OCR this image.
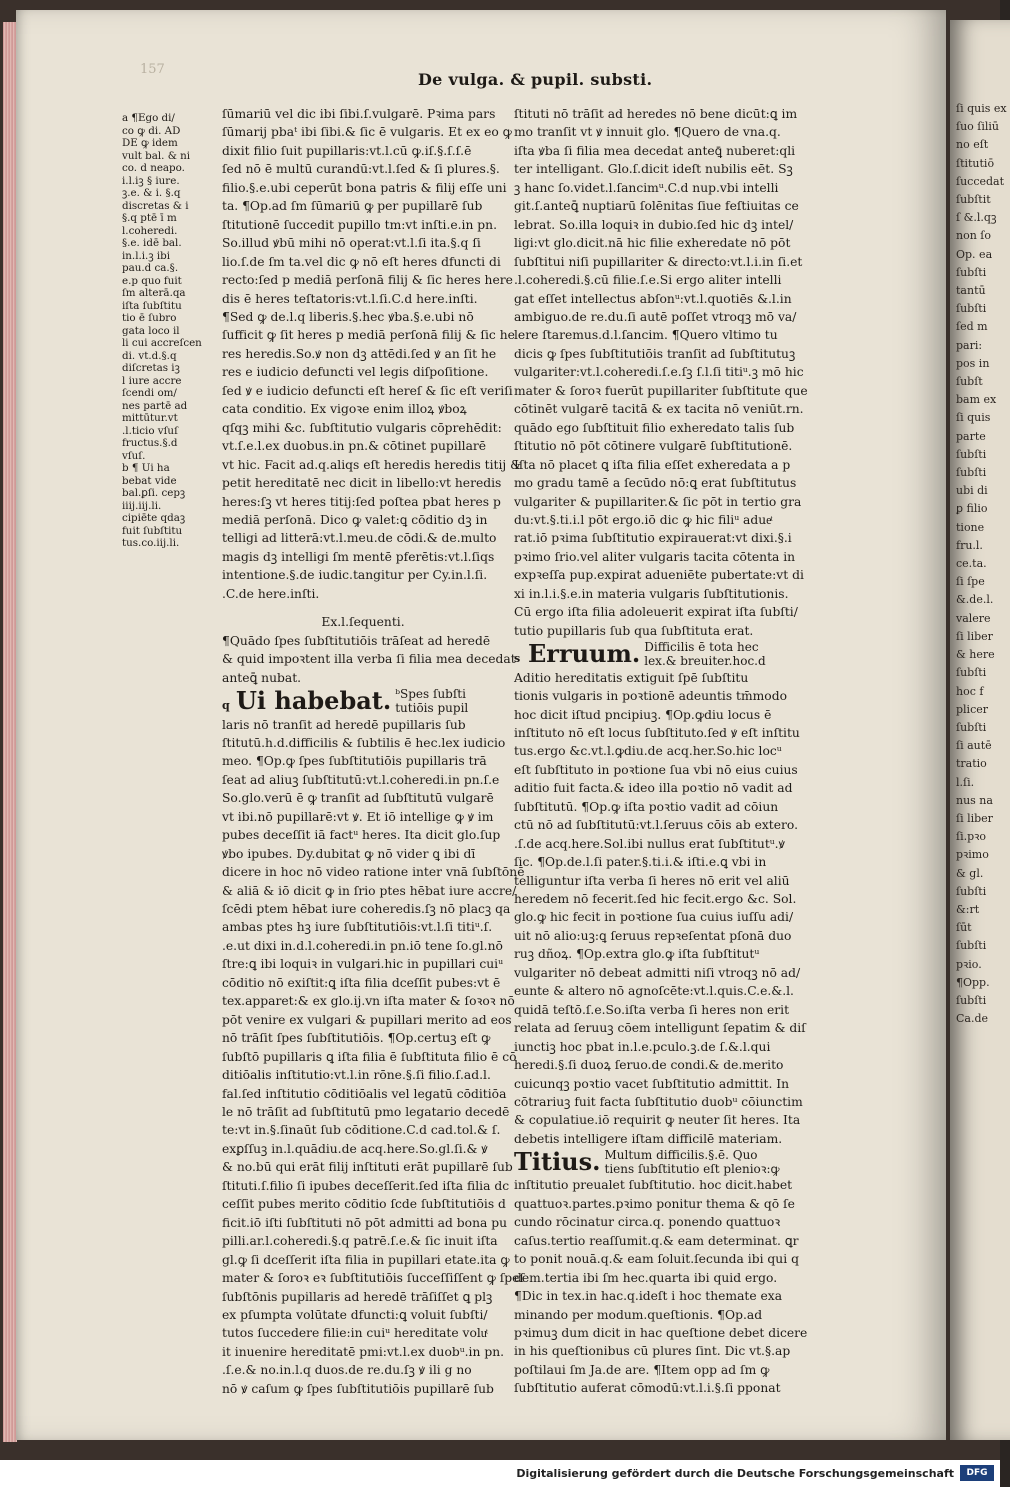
157
De vulga. & pupil. substi.
a ¶Ego di/
co ꝙ di. AD
DE ꝙ idem
vult bal. & ni
co. d neapo.
i.l.iꝫ § iure.
ꝫ.e. & i. §.q
discretas & i
§.q ptē ī m
l.coheredi.
§.e. idē bal.
in.l.i.ꝫ ibi
pau.d ca.§.
e.p quo fuit
ſm alterā.qa
iſta ſubſtitu
tio ē ſubro
gata loco il
li cui accreſcen
di. vt.d.§.q
diſcretas iꝫ
l iure accre
ſcendi om/
nes partē ad
mittūtur.vt
.l.ticio vſuſ
fructus.§.d
vſuſ.
b ¶ Ui ha
bebat vide
bal.ꝑſi. cepꝫ
iiij.iij.li.
cipiēte qdaꝫ
fuit ſubſtitu
tus.co.iij.li.
ſūmariū vel dic ibi ſibi.ſ.vulgarē. Pꝛima pars
ſūmarij pbaᵗ ibi ſibi.& ſic ē vulgaris. Et ex eo ꝙ
dixit filio ſuit pupillaris:vt.l.cū ꝙ.iſ.§.ſ.ſ.ē
ſed nō ē multū curandū:vt.l.ſed & ſi plures.§.
filio.§.e.ubi ceperūt bona patris & filij eſſe uni
ta. ¶Op.ad ſm ſūmariū ꝙ per pupillarē ſub
ſtitutionē ſuccedit pupillo tm:vt inſti.e.in pn.
So.illud ꝟbū mihi nō operat:vt.l.ſi ita.§.q ſi
lio.ſ.de ſm ta.vel dic ꝙ nō eſt heres dfuncti di
recto:ſed p mediā perſonā filij & ſic heres here
dis ē heres teſtatoris:vt.l.ſi.C.d here.inſti.
¶Sed ꝙ de.l.q liberis.§.hec ꝟba.§.e.ubi nō
ſufficit ꝙ ſit heres p mediā perſonā filij & ſic he
res heredis.So.ꝟ non dꝫ attēdi.ſed ꝟ an ſit he
res e iudicio defuncti vel legis diſpoſitione.
ſed ꝟ e iudicio defuncti eſt hereſ & ſic eſt veriſi
cata conditio. Ex vigoꝛe enim illoꝝ ꝟboꝝ
qſqꝫ mihi &c. ſubſtitutio vulgaris cōprehēdit:
vt.ſ.e.l.ex duobus.in pn.& cōtinet pupillarē
vt hic. Facit ad.q.aliqs eſt heredis heredis titij &
petit hereditatē nec dicit in libello:vt heredis
heres:ſꝫ vt heres titij:ſed poſtea pbat heres p
mediā perſonā. Dico ꝙ valet:ꝗ cōditio dꝫ in
telligi ad litterā:vt.l.meu.de cōdi.& de.multo
magis dꝫ intelligi ſm mentē pferētis:vt.l.ſiqs
intentione.§.de iudic.tangitur per Cy.in.l.ſi.
.C.de here.inſti.
Ex.l.ſequenti.
¶Quādo ſpes ſubſtitutiōis trāſeat ad heredē
& quid impoꝛtent illa verba ſi filia mea decedat
anteꝗ̄ nubat.
q Ui habebat. ᵇSpes ſubſti
tutiōis pupil
laris nō tranſit ad heredē pupillaris ſub
ſtitutū.h.d.difficilis & ſubtilis ē hec.lex iudicio
meo. ¶Op.ꝙ ſpes ſubſtitutiōis pupillaris trā
ſeat ad aliuꝫ ſubſtitutū:vt.l.coheredi.in pn.ſ.e
So.glo.verū ē ꝙ tranſit ad ſubſtitutū vulgarē
vt ibi.nō pupillarē:vt ꝟ. Et iō intellige ꝙ ꝟ im
pubes deceſſit iā factᵘ heres. Ita dicit glo.ſup
ꝟbo ipubes. Dy.dubitat ꝙ nō vider ꝗ ibi dī
dicere in hoc nō video ratione inter vnā ſubſtōnē
& aliā & iō dicit ꝙ in ſrio ptes hēbat iure accre/
ſcēdi ptem hēbat iure coheredis.ſꝫ nō placꝫ qa
ambas ptes hꝫ iure ſubſtitutiōis:vt.l.ſi titiᵘ.ſ.
.e.ut dixi in.d.l.coheredi.in pn.iō tene ſo.gl.nō
ſtre:ꝗ ibi loquiꝛ in vulgari.hic in pupillari cuiᵘ
cōditio nō exiſtit:ꝗ iſta filia dceſſit pubes:vt ē
tex.apparet:& ex glo.ij.vn iſta mater & ſoꝛoꝛ nō
pōt venire ex vulgari & pupillari merito ad eos
nō trāſit ſpes ſubſtitutiōis. ¶Op.certuꝫ eſt ꝙ
ſubſtō pupillaris ꝗ iſta filia ē ſubſtituta filio ē cō
ditiōalis inſtitutio:vt.l.in rōne.§.ſi filio.ſ.ad.l.
fal.ſed inſtitutio cōditiōalis vel legatū cōditiōa
le nō trāſit ad ſubſtitutū pmo legatario decedē
te:vt in.§.ſinaūt ſub cōditione.C.d cad.tol.& ſ.
exꝑſſuꝫ in.l.quādiu.de acq.here.So.gl.ſi.& ꝟ
& no.bū qui erāt filij inſtituti erāt pupillarē ſub
ſtituti.ſ.filio ſi ipubes deceſſerit.ſed iſta filia dc
ceſſit pubes merito cōditio ſcde ſubſtitutiōis d
ficit.iō iſti ſubſtituti nō pōt admitti ad bona pu
pilli.ar.l.coheredi.§.q patrē.ſ.e.& ſic inuit iſta
gl.ꝙ ſi dceſſerit iſta filia in pupillari etate.ita ꝙ
mater & ſoroꝛ eꝛ ſubſtitutiōis ſucceſſiſſent ꝙ ſpeſ
ſubſtōnis pupillaris ad heredē trāſiſſet ꝗ plꝫ
ex pſumpta volūtate dfuncti:ꝗ voluit ſubſti/
tutos ſuccedere filie:in cuiᵘ hereditate voluͭ
it inuenire hereditatē pmi:vt.l.ex duobᵘ.in pn.
.ſ.e.& no.in.l.q duos.de re.du.ſꝫ ꝟ ili g no
nō ꝟ caſum ꝙ ſpes ſubſtitutiōis pupillarē ſub
ſtituti nō trāſit ad heredes nō bene dicūt:ꝗ im
mo tranſit vt ꝟ innuit glo. ¶Quero de vna.q.
iſta ꝟba ſi filia mea decedat anteꝗ̄ nuberet:qli
ter intelligant. Glo.ſ.dicit ideſt nubilis eēt. Sꝫ
ꝫ hanc ſo.videt.l.ſancimᵘ.C.d nup.vbi intelli
git.ſ.anteꝗ̄ nuptiarū ſolēnitas ſiue feſtiuitas ce
lebrat. So.illa loquiꝛ in dubio.ſed hic dꝫ intel/
ligi:vt glo.dicit.nā hic filie exheredate nō pōt
ſubſtitui niſi pupillariter & directo:vt.l.i.in ſi.et
.l.coheredi.§.cū filie.ſ.e.Si ergo aliter intelli
gat eſſet intellectus abſonᵘ:vt.l.quotiēs &.l.in
ambiguo.de re.du.ſi autē poſſet vtroqꝫ mō va/
lere ſtaremus.d.l.ſancim. ¶Quero vltimo tu
dicis ꝙ ſpes ſubſtitutiōis tranſit ad ſubſtitutuꝫ
vulgariter:vt.l.coheredi.ſ.e.ſꝫ ſ.l.ſi titiᵘ.ꝫ mō hic
mater & ſoroꝛ fuerūt pupillariter ſubſtitute que
cōtinēt vulgarē tacitā & ex tacita nō veniūt.rn.
quādo ego ſubſtituit filio exheredato talis ſub
ſtitutio nō pōt cōtinere vulgarē ſubſtitutionē.
Iſta nō placet ꝗ iſta filia eſſet exheredata a p
mo gradu tamē a ſecūdo nō:ꝗ erat ſubſtitutus
vulgariter & pupillariter.& ſic pōt in tertio gra
du:vt.§.ti.i.l pōt ergo.iō dic ꝙ hic filiᵘ adueͭ
rat.iō pꝛima ſubſtitutio expirauerat:vt dixi.§.i
pꝛimo ſrio.vel aliter vulgaris tacita cōtenta in
expꝛeſſa pup.expirat adueniēte pubertate:vt di
xi in.l.i.§.e.in materia vulgaris ſubſtitutionis.
Cū ergo iſta filia adoleuerit expirat iſta ſubſti/
tutio pupillaris ſub qua ſubſtituta erat.
s Erruum. Difficilis ē tota hec
lex.& breuiter.hoc.d
Aditio hereditatis extiguit ſpē ſubſtitu
tionis vulgaris in poꝛtionē adeuntis tm̄modo
hoc dicit iſtud pncipiuꝫ. ¶Op.ꝙdiu locus ē
inſtituto nō eſt locus ſubſtituto.ſed ꝟ eſt inſtitu
tus.ergo &c.vt.l.ꝙdiu.de acq.her.So.hic locᵘ
eſt ſubſtituto in poꝛtione ſua vbi nō eius cuius
aditio fuit facta.& ideo illa poꝛtio nō vadit ad
ſubſtitutū. ¶Op.ꝙ iſta poꝛtio vadit ad cōiun
ctū nō ad ſubſtitutū:vt.l.ſeruus cōis ab extero.
.ſ.de acq.here.Sol.ibi nullus erat ſubſtitutᵘ.ꝟ
ſic. ¶Op.de.l.ſi pater.§.ti.i.& iſti.e.ꝗ vbi in
telliguntur iſta verba ſi heres nō erit vel aliū
heredem nō fecerit.ſed hic fecit.ergo &c. Sol.
glo.ꝙ hic fecit in poꝛtione ſua cuius iuſſu adi/
uit nō alio:uꝫ:ꝗ ſeruus repꝛeſentat pſonā duo
ruꝫ dñoꝝ. ¶Op.extra glo.ꝙ iſta ſubſtitutᵘ
vulgariter nō debeat admitti niſi vtroqꝫ nō ad/
eunte & altero nō agnoſcēte:vt.l.quis.C.e.&.l.
quidā teſtō.ſ.e.So.iſta verba ſi heres non erit
relata ad ſeruuꝫ cōem intelligunt ſepatim & diſ
iunctiꝫ hoc pbat in.l.e.pculo.ꝫ.de ſ.&.l.qui
heredi.§.ſi duoꝝ ſeruo.de condi.& de.merito
cuicunqꝫ poꝛtio vacet ſubſtitutio admittit. In
cōtrariuꝫ fuit facta ſubſtitutio duobᵘ cōiunctim
& copulatiue.iō requirit ꝙ neuter ſit heres. Ita
debetis intelligere iſtam difficilē materiam.
Titius. Multum difficilis.§.ē. Quo
tiens ſubſtitutio eſt plenioꝛ:ꝙ
inſtitutio preualet ſubſtitutio. hoc dicit.habet
quattuoꝛ.partes.pꝛimo ponitur thema & qō ſe
cundo rōcinatur circa.q. ponendo quattuoꝛ
caſus.tertio reaſſumit.q.& eam determinat. ꝗr
to ponit nouā.q.& eam ſoluit.ſecunda ibi qui q
dem.tertia ibi ſm hec.quarta ibi quid ergo.
¶Dic in tex.in hac.q.ideſt i hoc themate exa
minando per modum.queſtionis. ¶Op.ad
pꝛimuꝫ dum dicit in hac queſtione debet dicere
in his queſtionibus cū plures ſint. Dic vt.§.ap
poſtilaui ſm Ja.de are. ¶Item opp ad ſm ꝙ
ſubſtitutio auferat cōmodū:vt.l.i.§.ſi pponat
ſi quis ex
ſuo ſiliū
no eſt
ſtitutiō
ſuccedat
ſubſtit
ſ &.l.qꝫ
non ſo
Op. ea
ſubſti
tantū
ſubſti
ſed m
pari:
pos in
ſubſt
bam ex
ſi quis
parte
ſubſti
ſubſti
ubi di
ꝑ filio
tione
fru.l.
ce.ta.
ſi ſpe
&.de.l.
valere
ſi liber
& here
ſubſti
hoc f
plicer
ſubſti
ſi autē
tratio
l.ſi.
nus na
ſi liber
ſi.pꝛo
pꝛimo
& gl.
ſubſti
&:rt
ſūt
ſubſti
pꝛio.
¶Opp.
ſubſti
Ca.de
Digitalisierung gefördert durch die Deutsche Forschungsgemeinschaft	DFG
